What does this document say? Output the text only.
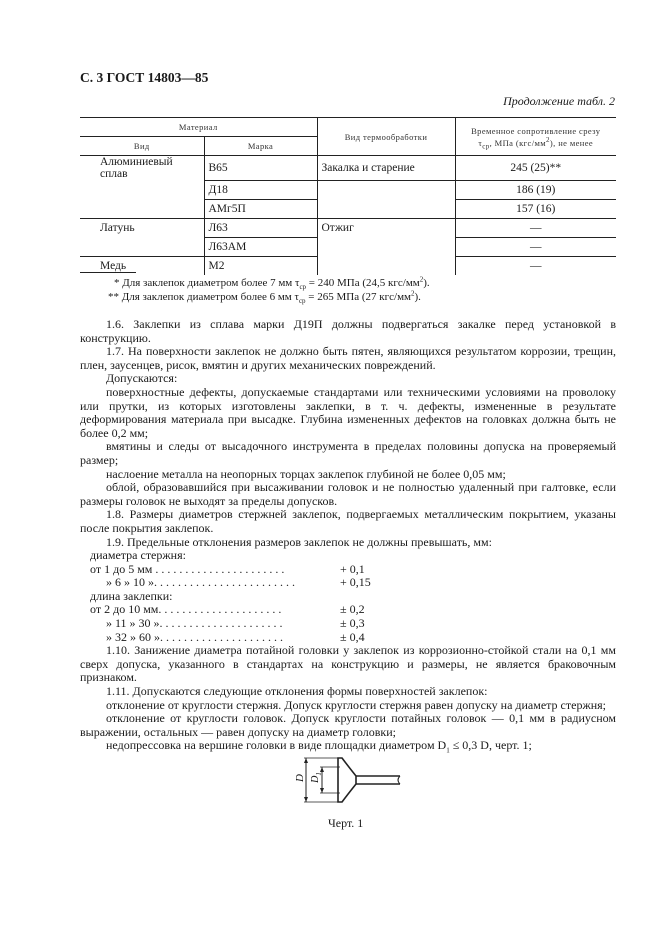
С. 3 ГОСТ 14803—85
Продолжение табл. 2
Материал		Вид термообработки	Временное сопротивление срезу
$\tau_{ср}$, МПа $(кгс/мм^2)$, не менее
Вид	Марка		
Алюминиевый сплав	В65	Закалка и старение	245 (25)**
	Д18		186 (19)
	АМг5П		157 (16)
Латунь	Л63	Отжиг	—
	Л63АМ		—
Медь	М2		—
* Для заклепок диаметром более 7 мм $\tau_{ср} = 240$ МПа (24,5 кгс/$мм^2$).
** Для заклепок диаметром более 6 мм $\tau_{ср} = 265$ МПа (27 кгс/$мм^2$).
1.6. Заклепки из сплава марки Д19П должны подвергаться закалке перед установкой в конструкцию.
1.7. На поверхности заклепок не должно быть пятен, являющихся результатом коррозии, трещин, плен, заусенцев, рисок, вмятин и других механических повреждений.
Допускаются:
поверхностные дефекты, допускаемые стандартами или техническими условиями на проволоку или прутки, из которых изготовлены заклепки, в т. ч. дефекты, измененные в результате деформирования материала при высадке. Глубина измененных дефектов на головках должна быть не более 0,2 мм;
вмятины и следы от высадочного инструмента в пределах половины допуска на проверяемый размер;
наслоение металла на неопорных торцах заклепок глубиной не более 0,05 мм;
облой, образовавшийся при высаживании головок и не полностью удаленный при галтовке, если размеры головок не выходят за пределы допусков.
1.8. Размеры диаметров стержней заклепок, подвергаемых металлическим покрытием, указаны после покрытия заклепок.
1.9. Предельные отклонения размеров заклепок не должны превышать, мм:
диаметра стержня:
от 1 до 5 мм . . . . . . . . . . . . . . . . . . . . . .	+ 0,1
» 6 » 10 ». . . . . . . . . . . . . . . . . . . . . . . .	+ 0,15
длина заклепки:
от 2 до 10 мм. . . . . . . . . . . . . . . . . . . . .	± 0,2
» 11 » 30 ». . . . . . . . . . . . . . . . . . . . .	± 0,3
» 32 » 60 ». . . . . . . . . . . . . . . . . . . . .	± 0,4
1.10. Занижение диаметра потайной головки у заклепок из коррозионно-стойкой стали на 0,1 мм сверх допуска, указанного в стандартах на конструкцию и размеры, не является браковочным признаком.
1.11. Допускаются следующие отклонения формы поверхностей заклепок:
отклонение от круглости стержня. Допуск круглости стержня равен допуску на диаметр стержня;
отклонение от круглости головок. Допуск круглости потайных головок — 0,1 мм в радиусном выражении, остальных — равен допуску на диаметр головки;
недопрессовка на вершине головки в виде площадки диаметром $D_1 \le 0,3$ D, черт. 1;
D $D_1$
Черт. 1
